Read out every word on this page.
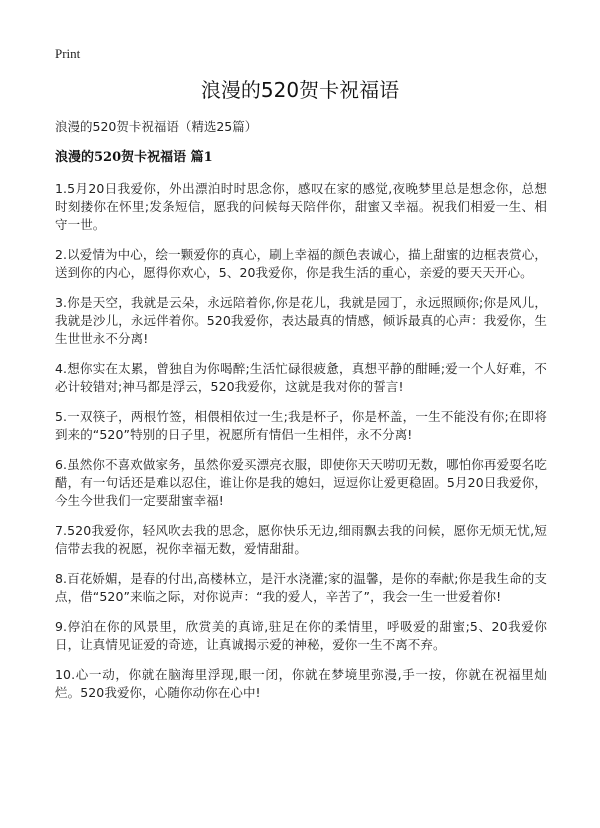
Print
浪漫的520贺卡祝福语
浪漫的520贺卡祝福语（精选25篇）
浪漫的520贺卡祝福语 篇1

1.5月20日我爱你，外出漂泊时时思念你，感叹在家的感觉,夜晚梦里总是想念你，总想时刻搂你在怀里;发条短信，愿我的问候每天陪伴你，甜蜜又幸福。祝我们相爱一生、相守一世。

2.以爱情为中心，绘一颗爱你的真心，刷上幸福的颜色表诚心，描上甜蜜的边框表赏心，送到你的内心，愿得你欢心，5、20我爱你，你是我生活的重心，亲爱的要天天开心。

3.你是天空，我就是云朵，永远陪着你,你是花儿，我就是园丁，永远照顾你;你是风儿，我就是沙儿，永远伴着你。520我爱你，表达最真的情感，倾诉最真的心声：我爱你，生生世世永不分离!

4.想你实在太累，曾独自为你喝醉;生活忙碌很疲惫，真想平静的酣睡;爱一个人好难，不必计较错对;神马都是浮云，520我爱你，这就是我对你的誓言!

5.一双筷子，两根竹签，相偎相依过一生;我是杯子，你是杯盖，一生不能没有你;在即将到来的“520”特别的日子里，祝愿所有情侣一生相伴，永不分离!

6.虽然你不喜欢做家务，虽然你爱买漂亮衣服，即使你天天唠叨无数，哪怕你再爱耍名吃醋，有一句话还是难以忍住，谁让你是我的媳妇，逗逗你让爱更稳固。5月20日我爱你，今生今世我们一定要甜蜜幸福!

7.520我爱你，轻风吹去我的思念，愿你快乐无边,细雨飘去我的问候，愿你无烦无忧,短信带去我的祝愿，祝你幸福无数，爱情甜甜。

8.百花娇媚，是春的付出,高楼林立，是汗水浇灌;家的温馨，是你的奉献;你是我生命的支点，借“520”来临之际，对你说声：“我的爱人，辛苦了”，我会一生一世爱着你!

9.停泊在你的风景里，欣赏美的真谛,驻足在你的柔情里，呼吸爱的甜蜜;5、20我爱你日，让真情见证爱的奇迹，让真诚揭示爱的神秘，爱你一生不离不弃。

10.心一动，你就在脑海里浮现,眼一闭，你就在梦境里弥漫,手一按，你就在祝福里灿烂。520我爱你，心随你动你在心中!
